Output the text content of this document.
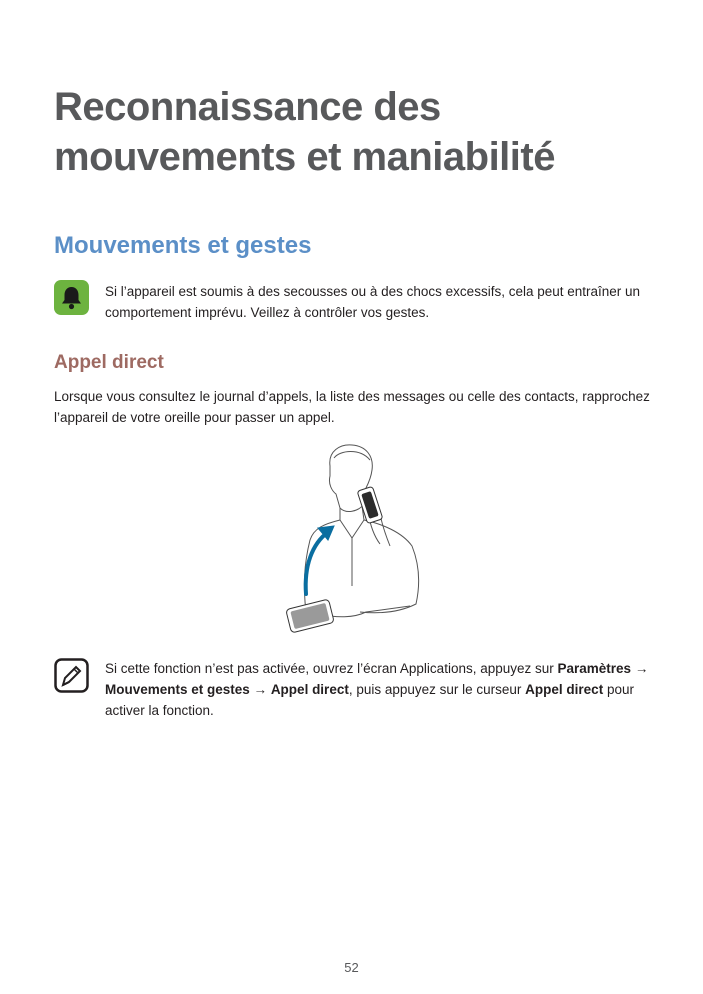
Reconnaissance des
mouvements et maniabilité
Mouvements et gestes
Si l’appareil est soumis à des secousses ou à des chocs excessifs, cela peut entraîner un comportement imprévu. Veillez à contrôler vos gestes.
Appel direct
Lorsque vous consultez le journal d’appels, la liste des messages ou celle des contacts, rapprochez l’appareil de votre oreille pour passer un appel.
Si cette fonction n’est pas activée, ouvrez l’écran Applications, appuyez sur Paramètres → Mouvements et gestes → Appel direct, puis appuyez sur le curseur Appel direct pour activer la fonction.
52
